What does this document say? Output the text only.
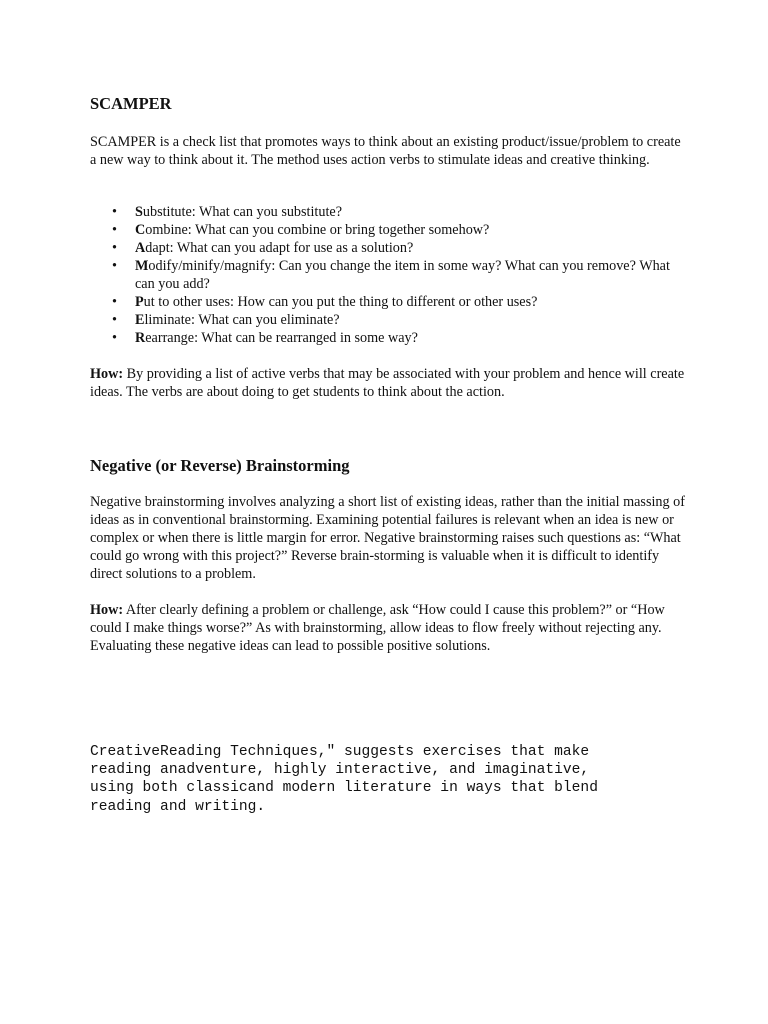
SCAMPER

SCAMPER is a check list that promotes ways to think about an existing product/issue/problem to create a new way to think about it. The method uses action verbs to stimulate ideas and creative thinking.

• Substitute: What can you substitute?
• Combine: What can you combine or bring together somehow?
• Adapt: What can you adapt for use as a solution?
• Modify/minify/magnify: Can you change the item in some way? What can you remove? What can you add?
• Put to other uses: How can you put the thing to different or other uses?
• Eliminate: What can you eliminate?
• Rearrange: What can be rearranged in some way?

How: By providing a list of active verbs that may be associated with your problem and hence will create ideas. The verbs are about doing to get students to think about the action.

Negative (or Reverse) Brainstorming

Negative brainstorming involves analyzing a short list of existing ideas, rather than the initial massing of ideas as in conventional brainstorming. Examining potential failures is relevant when an idea is new or complex or when there is little margin for error. Negative brainstorming raises such questions as: “What could go wrong with this project?” Reverse brain-storming is valuable when it is difficult to identify direct solutions to a problem.

How: After clearly defining a problem or challenge, ask “How could I cause this problem?” or “How could I make things worse?” As with brainstorming, allow ideas to flow freely without rejecting any. Evaluating these negative ideas can lead to possible positive solutions.

CreativeReading Techniques," suggests exercises that make
reading anadventure, highly interactive, and imaginative,
using both classicand modern literature in ways that blend
reading and writing.
